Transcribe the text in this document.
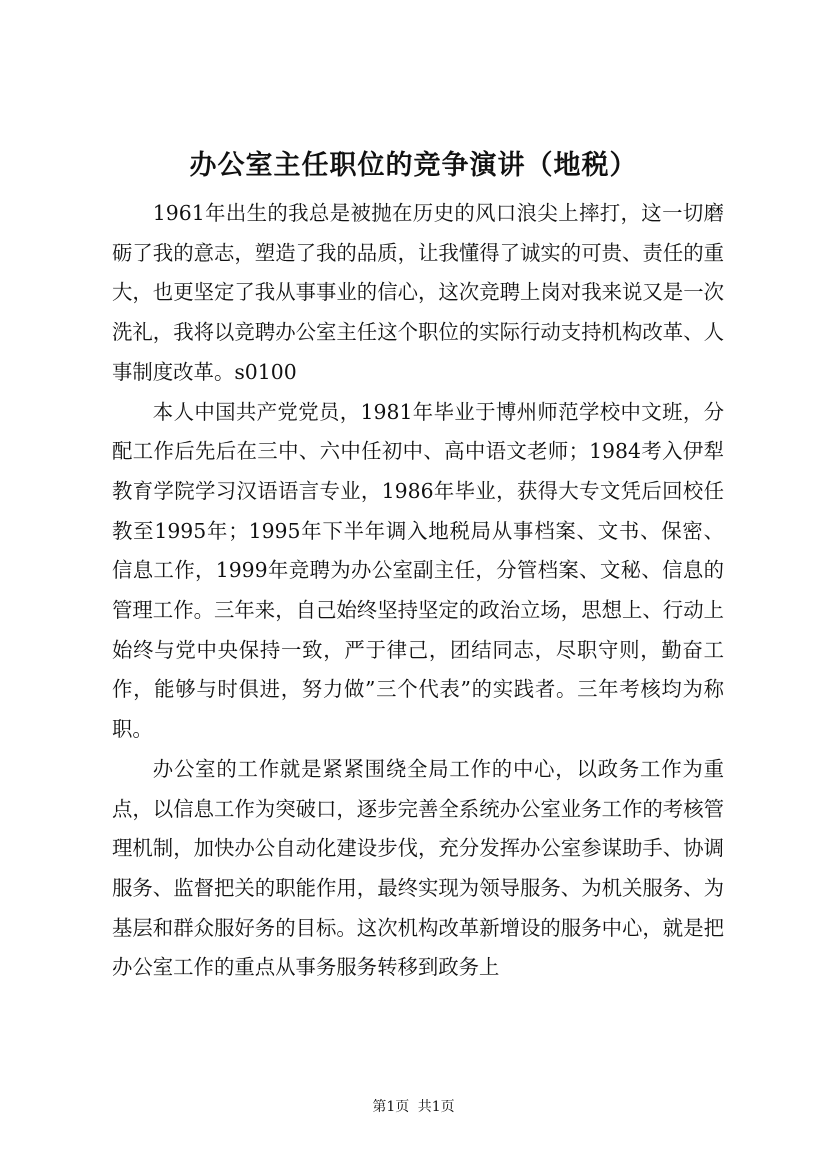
办公室主任职位的竞争演讲（地税）

1961年出生的我总是被抛在历史的风口浪尖上摔打，这一切磨砺了我的意志，塑造了我的品质，让我懂得了诚实的可贵、责任的重大，也更坚定了我从事事业的信心，这次竞聘上岗对我来说又是一次洗礼，我将以竞聘办公室主任这个职位的实际行动支持机构改革、人事制度改革。s0100

本人中国共产党党员，1981年毕业于博州师范学校中文班，分配工作后先后在三中、六中任初中、高中语文老师；1984考入伊犁教育学院学习汉语语言专业，1986年毕业，获得大专文凭后回校任教至1995年；1995年下半年调入地税局从事档案、文书、保密、信息工作，1999年竞聘为办公室副主任，分管档案、文秘、信息的管理工作。三年来，自己始终坚持坚定的政治立场，思想上、行动上始终与党中央保持一致，严于律己，团结同志，尽职守则，勤奋工作，能够与时俱进，努力做”三个代表”的实践者。三年考核均为称职。

办公室的工作就是紧紧围绕全局工作的中心，以政务工作为重点，以信息工作为突破口，逐步完善全系统办公室业务工作的考核管理机制，加快办公自动化建设步伐，充分发挥办公室参谋助手、协调服务、监督把关的职能作用，最终实现为领导服务、为机关服务、为基层和群众服好务的目标。这次机构改革新增设的服务中心，就是把办公室工作的重点从事务服务转移到政务上

第1页 共1页
